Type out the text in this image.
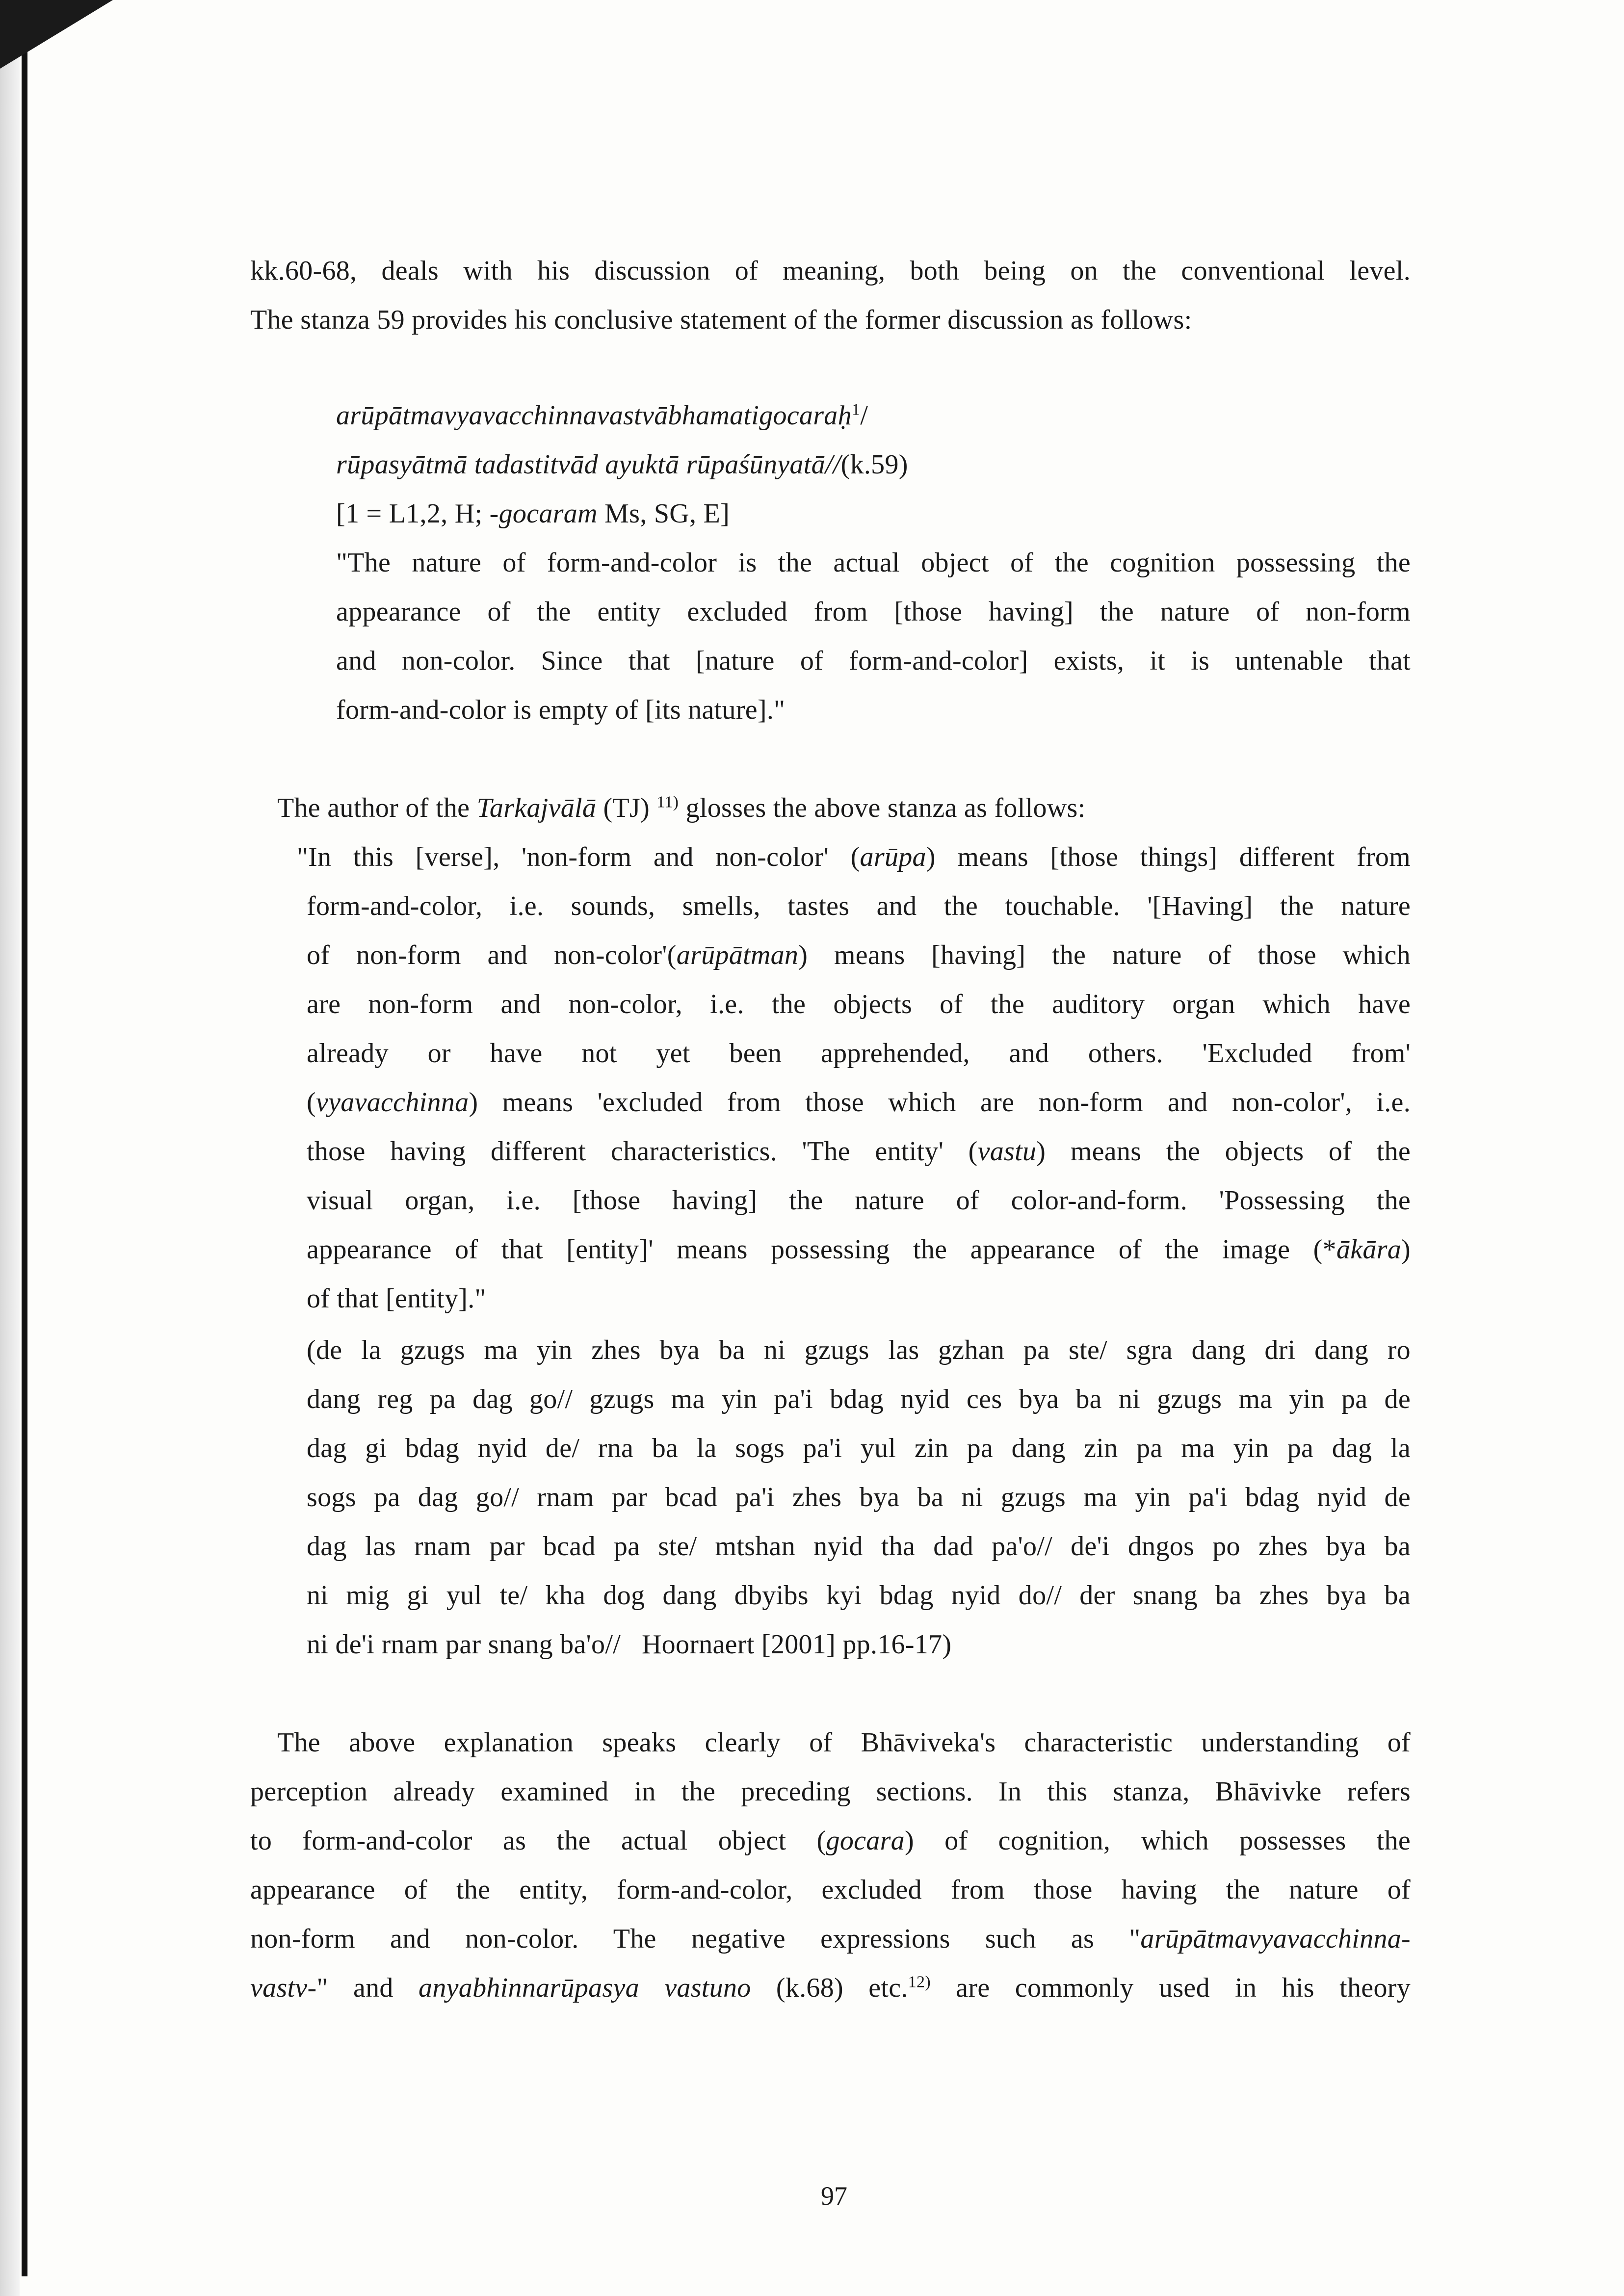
kk.60-68, deals with his discussion of meaning, both being on the conventional level.

The stanza 59 provides his conclusive statement of the former discussion as follows:

arūpātmavyavacchinnavastvābhamatigocaraḥ$^1$/

rūpasyātmā tadastitvād ayuktā rūpaśūnyatā//(k.59)

[1 = L1,2, H; -gocaram Ms, SG, E]

"The nature of form-and-color is the actual object of the cognition possessing the

appearance of the entity excluded from [those having] the nature of non-form

and non-color. Since that [nature of form-and-color] exists, it is untenable that

form-and-color is empty of [its nature]."

The author of the Tarkajvālā (TJ) $^{11)}$ glosses the above stanza as follows:

"In this [verse], 'non-form and non-color' (arūpa) means [those things] different from

form-and-color, i.e. sounds, smells, tastes and the touchable. '[Having] the nature

of non-form and non-color'(arūpātman) means [having] the nature of those which

are non-form and non-color, i.e. the objects of the auditory organ which have

already or have not yet been apprehended, and others. 'Excluded from'

(vyavacchinna) means 'excluded from those which are non-form and non-color', i.e.

those having different characteristics. 'The entity' (vastu) means the objects of the

visual organ, i.e. [those having] the nature of color-and-form. 'Possessing the

appearance of that [entity]' means possessing the appearance of the image (*ākāra)

of that [entity]."

(de la gzugs ma yin zhes bya ba ni gzugs las gzhan pa ste/ sgra dang dri dang ro

dang reg pa dag go// gzugs ma yin pa'i bdag nyid ces bya ba ni gzugs ma yin pa de

dag gi bdag nyid de/ rna ba la sogs pa'i yul zin pa dang zin pa ma yin pa dag la

sogs pa dag go// rnam par bcad pa'i zhes bya ba ni gzugs ma yin pa'i bdag nyid de

dag las rnam par bcad pa ste/ mtshan nyid tha dad pa'o// de'i dngos po zhes bya ba

ni mig gi yul te/ kha dog dang dbyibs kyi bdag nyid do// der snang ba zhes bya ba

ni de'i rnam par snang ba'o//   Hoornaert [2001] pp.16-17)

The above explanation speaks clearly of Bhāviveka's characteristic understanding of

perception already examined in the preceding sections. In this stanza, Bhāvivke refers

to form-and-color as the actual object (gocara) of cognition, which possesses the

appearance of the entity, form-and-color, excluded from those having the nature of

non-form and non-color. The negative expressions such as "arūpātmavyavacchinna-

vastv-" and anyabhinnarūpasya vastuno (k.68) etc.$^{12)}$ are commonly used in his theory

97
